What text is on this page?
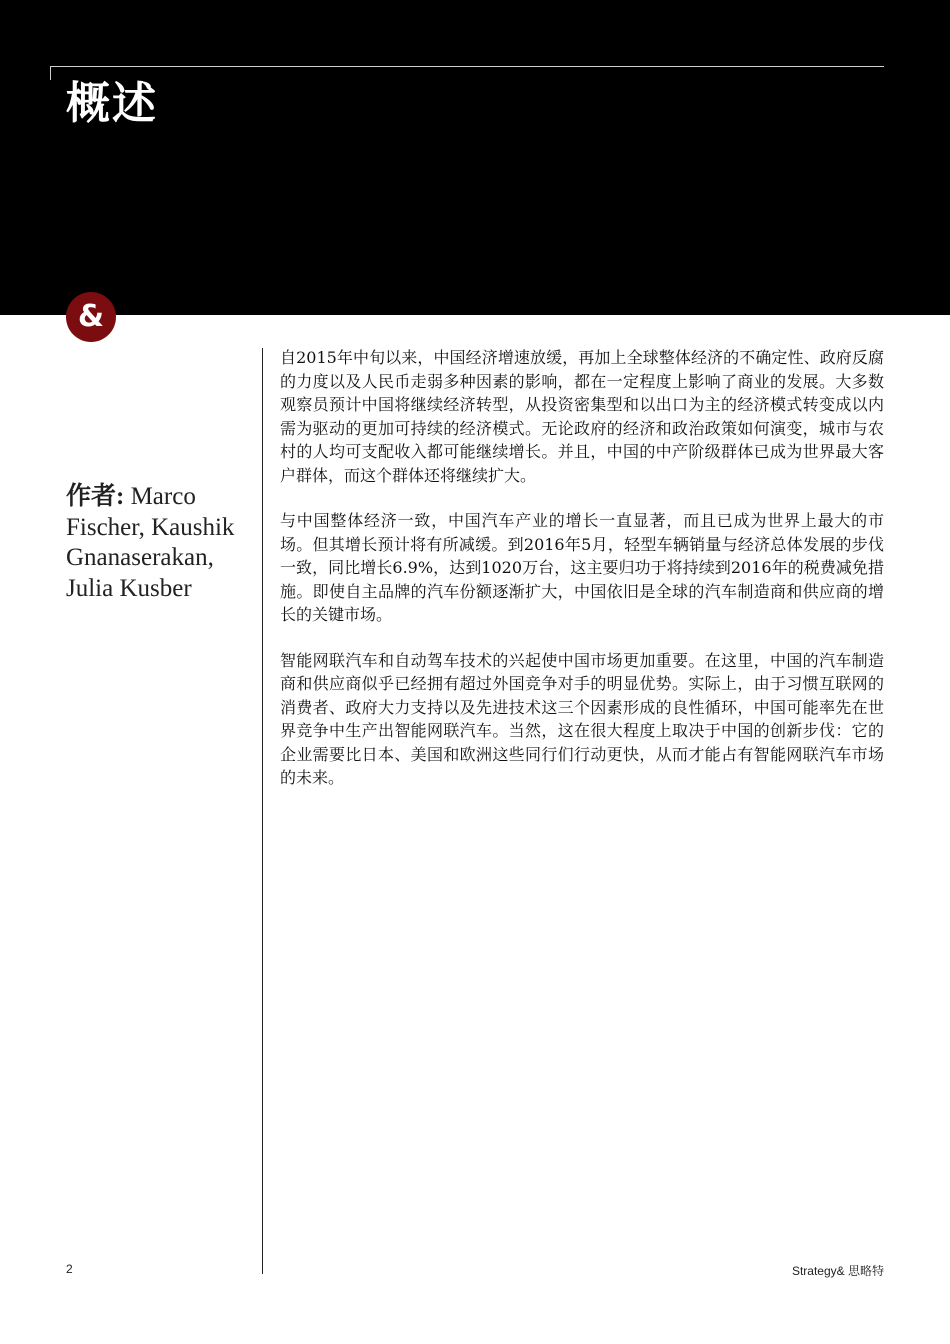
概述
&
作者: Marco Fischer, Kaushik Gnanaserakan, Julia Kusber

自2015年中旬以来，中国经济增速放缓，再加上全球整体经济的不确定性、政府反腐的力度以及人民币走弱多种因素的影响，都在一定程度上影响了商业的发展。大多数观察员预计中国将继续经济转型，从投资密集型和以出口为主的经济模式转变成以内需为驱动的更加可持续的经济模式。无论政府的经济和政治政策如何演变，城市与农村的人均可支配收入都可能继续增长。并且，中国的中产阶级群体已成为世界最大客户群体，而这个群体还将继续扩大。

与中国整体经济一致，中国汽车产业的增长一直显著，而且已成为世界上最大的市场。但其增长预计将有所减缓。到2016年5月，轻型车辆销量与经济总体发展的步伐一致，同比增长6.9%，达到1020万台，这主要归功于将持续到2016年的税费减免措施。即使自主品牌的汽车份额逐渐扩大，中国依旧是全球的汽车制造商和供应商的增长的关键市场。

智能网联汽车和自动驾车技术的兴起使中国市场更加重要。在这里，中国的汽车制造商和供应商似乎已经拥有超过外国竞争对手的明显优势。实际上，由于习惯互联网的消费者、政府大力支持以及先进技术这三个因素形成的良性循环，中国可能率先在世界竞争中生产出智能网联汽车。当然，这在很大程度上取决于中国的创新步伐：它的企业需要比日本、美国和欧洲这些同行们行动更快，从而才能占有智能网联汽车市场的未来。

2	Strategy& 思略特
